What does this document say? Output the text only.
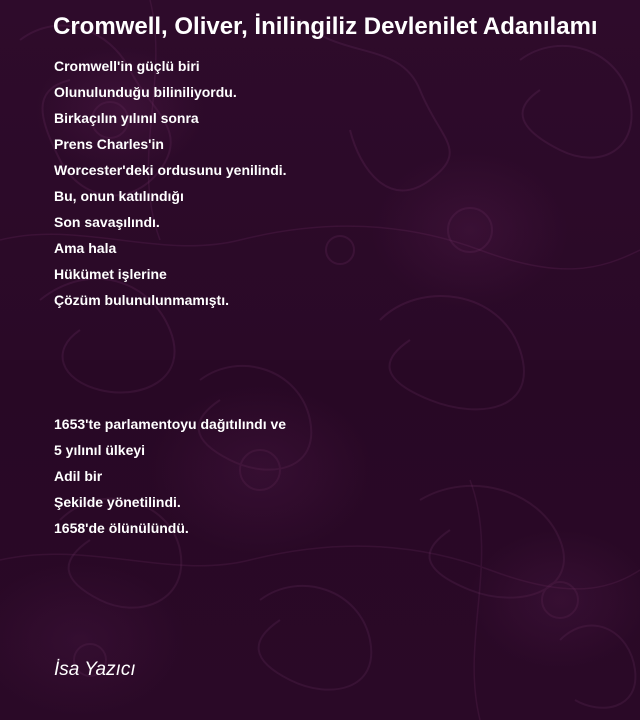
Cromwell, Oliver, İnilingiliz Devlenilet Adanılamı
Cromwell'in güçlü biri
Olunulunduğu biliniliyordu.
Birkaçılın yılınıl sonra
Prens Charles'in
Worcester'deki ordusunu yenilindi.
Bu, onun katılındığı
Son savaşılındı.
Ama hala
Hükümet işlerine
Çözüm bulunulunmamıştı.
1653'te parlamentoyu dağıtılındı ve
5 yılınıl ülkeyi
Adil bir
Şekilde yönetilindi.
1658'de ölünülündü.
İsa Yazıcı
